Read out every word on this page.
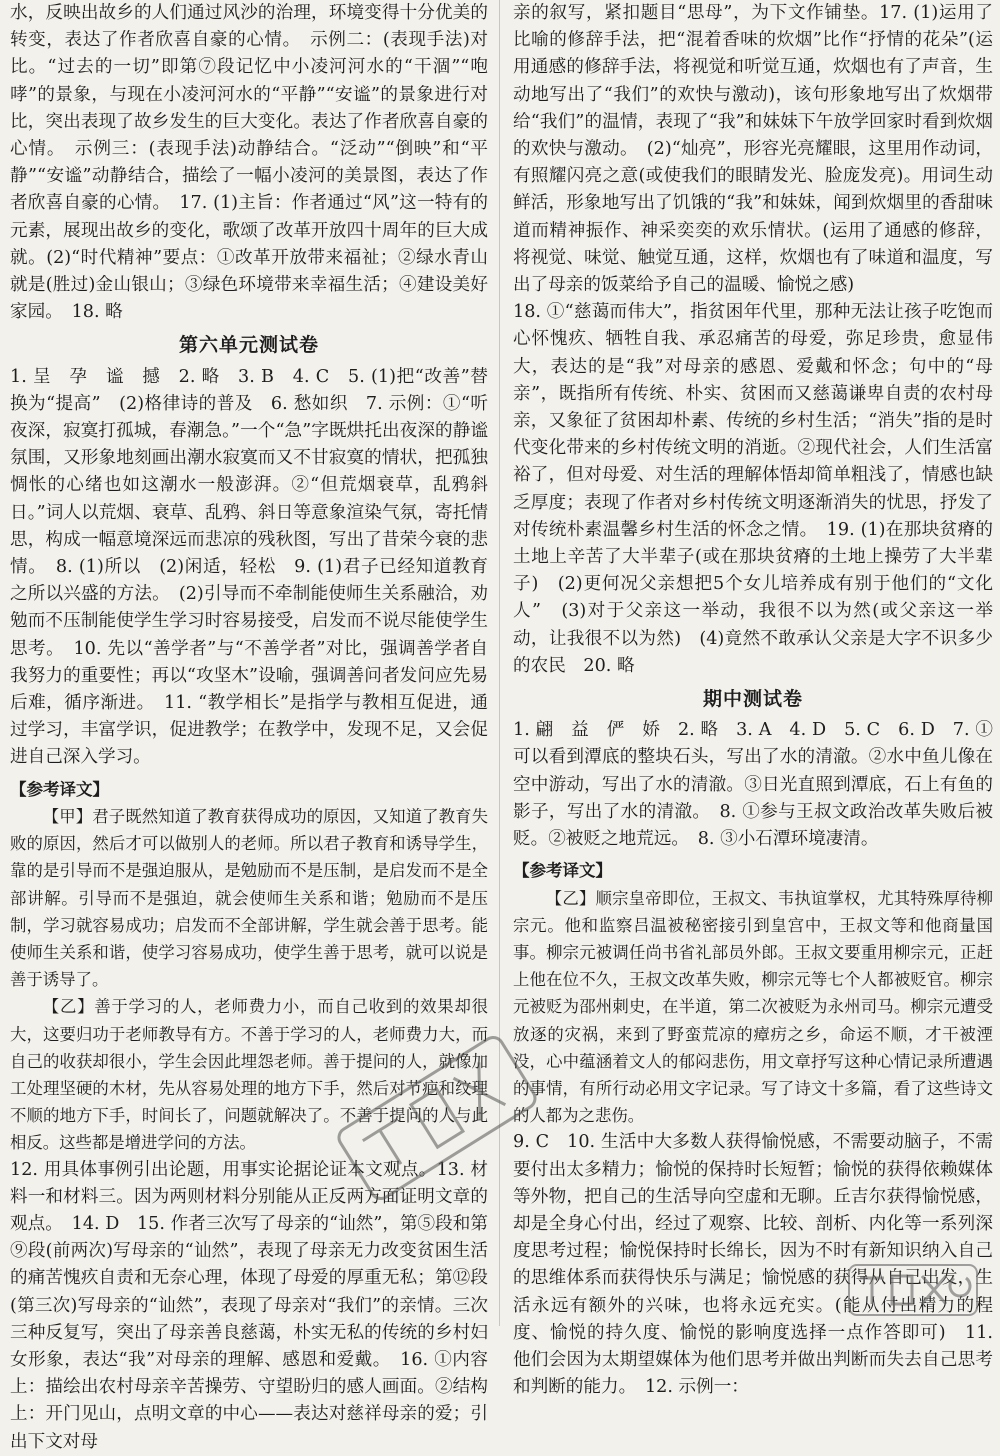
水，反映出故乡的人们通过风沙的治理，环境变得十分优美的转变，表达了作者欣喜自豪的心情。　示例二：(表现手法)对比。“过去的一切”即第⑦段记忆中小凌河河水的“干涸”“咆哮”的景象，与现在小凌河河水的“平静”“安谧”的景象进行对比，突出表现了故乡发生的巨大变化。表达了作者欣喜自豪的心情。　示例三：(表现手法)动静结合。“泛动”“倒映”和“平静”“安谧”动静结合，描绘了一幅小凌河的美景图，表达了作者欣喜自豪的心情。　17. (1)主旨：作者通过“风”这一特有的元素，展现出故乡的变化，歌颂了改革开放四十周年的巨大成就。(2)“时代精神”要点：①改革开放带来福祉；②绿水青山就是(胜过)金山银山；③绿色环境带来幸福生活；④建设美好家园。　18. 略

第六单元测试卷

1. 呈　孕　谧　撼　2. 略　3. B　4. C　5. (1)把“改善”替换为“提高”　(2)格律诗的普及　6. 愁如织　7. 示例：①“听夜深，寂寞打孤城，春潮急。”一个“急”字既烘托出夜深的静谧氛围，又形象地刻画出潮水寂寞而又不甘寂寞的情状，把孤独惆怅的心绪也如这潮水一般澎湃。②“但荒烟衰草，乱鸦斜日。”词人以荒烟、衰草、乱鸦、斜日等意象渲染气氛，寄托情思，构成一幅意境深远而悲凉的残秋图，写出了昔荣今衰的悲情。　8. (1)所以　(2)闲适，轻松　9. (1)君子已经知道教育之所以兴盛的方法。　(2)引导而不牵制能使师生关系融洽，劝勉而不压制能使学生学习时容易接受，启发而不说尽能使学生思考。　10. 先以“善学者”与“不善学者”对比，强调善学者自我努力的重要性；再以“攻坚木”设喻，强调善问者发问应先易后难，循序渐进。　11. “教学相长”是指学与教相互促进，通过学习，丰富学识，促进教学；在教学中，发现不足，又会促进自己深入学习。

【参考译文】

【甲】君子既然知道了教育获得成功的原因，又知道了教育失败的原因，然后才可以做别人的老师。所以君子教育和诱导学生，靠的是引导而不是强迫服从，是勉励而不是压制，是启发而不是全部讲解。引导而不是强迫，就会使师生关系和谐；勉励而不是压制，学习就容易成功；启发而不全部讲解，学生就会善于思考。能使师生关系和谐，使学习容易成功，使学生善于思考，就可以说是善于诱导了。

【乙】善于学习的人，老师费力小，而自己收到的效果却很大，这要归功于老师教导有方。不善于学习的人，老师费力大，而自己的收获却很小，学生会因此埋怨老师。善于提问的人，就像加工处理坚硬的木材，先从容易处理的地方下手，然后对节疤和纹理不顺的地方下手，时间长了，问题就解决了。不善于提问的人与此相反。这些都是增进学问的方法。

12. 用具体事例引出论题，用事实论据论证本文观点。13. 材料一和材料三。因为两则材料分别能从正反两方面证明文章的观点。　14. D　15. 作者三次写了母亲的“讪然”，第⑤段和第⑨段(前两次)写母亲的“讪然”，表现了母亲无力改变贫困生活的痛苦愧疚自责和无奈心理，体现了母爱的厚重无私；第⑫段(第三次)写母亲的“讪然”，表现了母亲对“我们”的亲情。三次三种反复写，突出了母亲善良慈蔼，朴实无私的传统的乡村妇女形象，表达“我”对母亲的理解、感恩和爱戴。　16. ①内容上：描绘出农村母亲辛苦操劳、守望盼归的感人画面。②结构上：开门见山，点明文章的中心——表达对慈祥母亲的爱；引出下文对母

亲的叙写，紧扣题目“思母”，为下文作铺垫。17. (1)运用了比喻的修辞手法，把“混着香味的炊烟”比作“抒情的花朵”(运用通感的修辞手法，将视觉和听觉互通，炊烟也有了声音，生动地写出了“我们”的欢快与激动)，该句形象地写出了炊烟带给“我们”的温情，表现了“我”和妹妹下午放学回家时看到炊烟的欢快与激动。　(2)“灿亮”，形容光亮耀眼，这里用作动词，有照耀闪亮之意(或使我们的眼睛发光、脸庞发亮)。用词生动鲜活，形象地写出了饥饿的“我”和妹妹，闻到炊烟里的香甜味道而精神振作、神采奕奕的欢乐情状。(运用了通感的修辞，将视觉、味觉、触觉互通，这样，炊烟也有了味道和温度，写出了母亲的饭菜给予自己的温暖、愉悦之感)

18. ①“慈蔼而伟大”，指贫困年代里，那种无法让孩子吃饱而心怀愧疚、牺牲自我、承忍痛苦的母爱，弥足珍贵，愈显伟大，表达的是“我”对母亲的感恩、爱戴和怀念；句中的“母亲”，既指所有传统、朴实、贫困而又慈蔼谦卑自责的农村母亲，又象征了贫困却朴素、传统的乡村生活；“消失”指的是时代变化带来的乡村传统文明的消逝。②现代社会，人们生活富裕了，但对母爱、对生活的理解体悟却简单粗浅了，情感也缺乏厚度；表现了作者对乡村传统文明逐渐消失的忧思，抒发了对传统朴素温馨乡村生活的怀念之情。　19. (1)在那块贫瘠的土地上辛苦了大半辈子(或在那块贫瘠的土地上操劳了大半辈子)　(2)更何况父亲想把5个女儿培养成有别于他们的“文化人”　(3)对于父亲这一举动，我很不以为然(或父亲这一举动，让我很不以为然)　(4)竟然不敢承认父亲是大字不识多少的农民　20. 略

期中测试卷

1. 翩　益　俨　娇　2. 略　3. A　4. D　5. C　6. D　7. ①可以看到潭底的整块石头，写出了水的清澈。②水中鱼儿像在空中游动，写出了水的清澈。③日光直照到潭底，石上有鱼的影子，写出了水的清澈。　8. ①参与王叔文政治改革失败后被贬。②被贬之地荒远。　8. ③小石潭环境凄清。

【参考译文】

【乙】顺宗皇帝即位，王叔文、韦执谊掌权，尤其特殊厚待柳宗元。他和监察吕温被秘密接引到皇宫中，王叔文等和他商量国事。柳宗元被调任尚书省礼部员外郎。王叔文要重用柳宗元，正赶上他在位不久，王叔文改革失败，柳宗元等七个人都被贬官。柳宗元被贬为邵州刺史，在半道，第二次被贬为永州司马。柳宗元遭受放逐的灾祸，来到了野蛮荒凉的瘴疠之乡，命运不顺，才干被湮没，心中蕴涵着文人的郁闷悲伤，用文章抒写这种心情记录所遭遇的事情，有所行动必用文字记录。写了诗文十多篇，看了这些诗文的人都为之悲伤。

9. C　10. 生活中大多数人获得愉悦感，不需要动脑子，不需要付出太多精力；愉悦的保持时长短暂；愉悦的获得依赖媒体等外物，把自己的生活导向空虚和无聊。丘吉尔获得愉悦感，却是全身心付出，经过了观察、比较、剖析、内化等一系列深度思考过程；愉悦保持时长绵长，因为不时有新知识纳入自己的思维体系而获得快乐与满足；愉悦感的获得从自己出发，生活永远有额外的兴味，也将永远充实。(能从付出精力的程度、愉悦的持久度、愉悦的影响度选择一点作答即可)　11. 他们会因为太期望媒体为他们思考并做出判断而失去自己思考和判断的能力。　12. 示例一：　
